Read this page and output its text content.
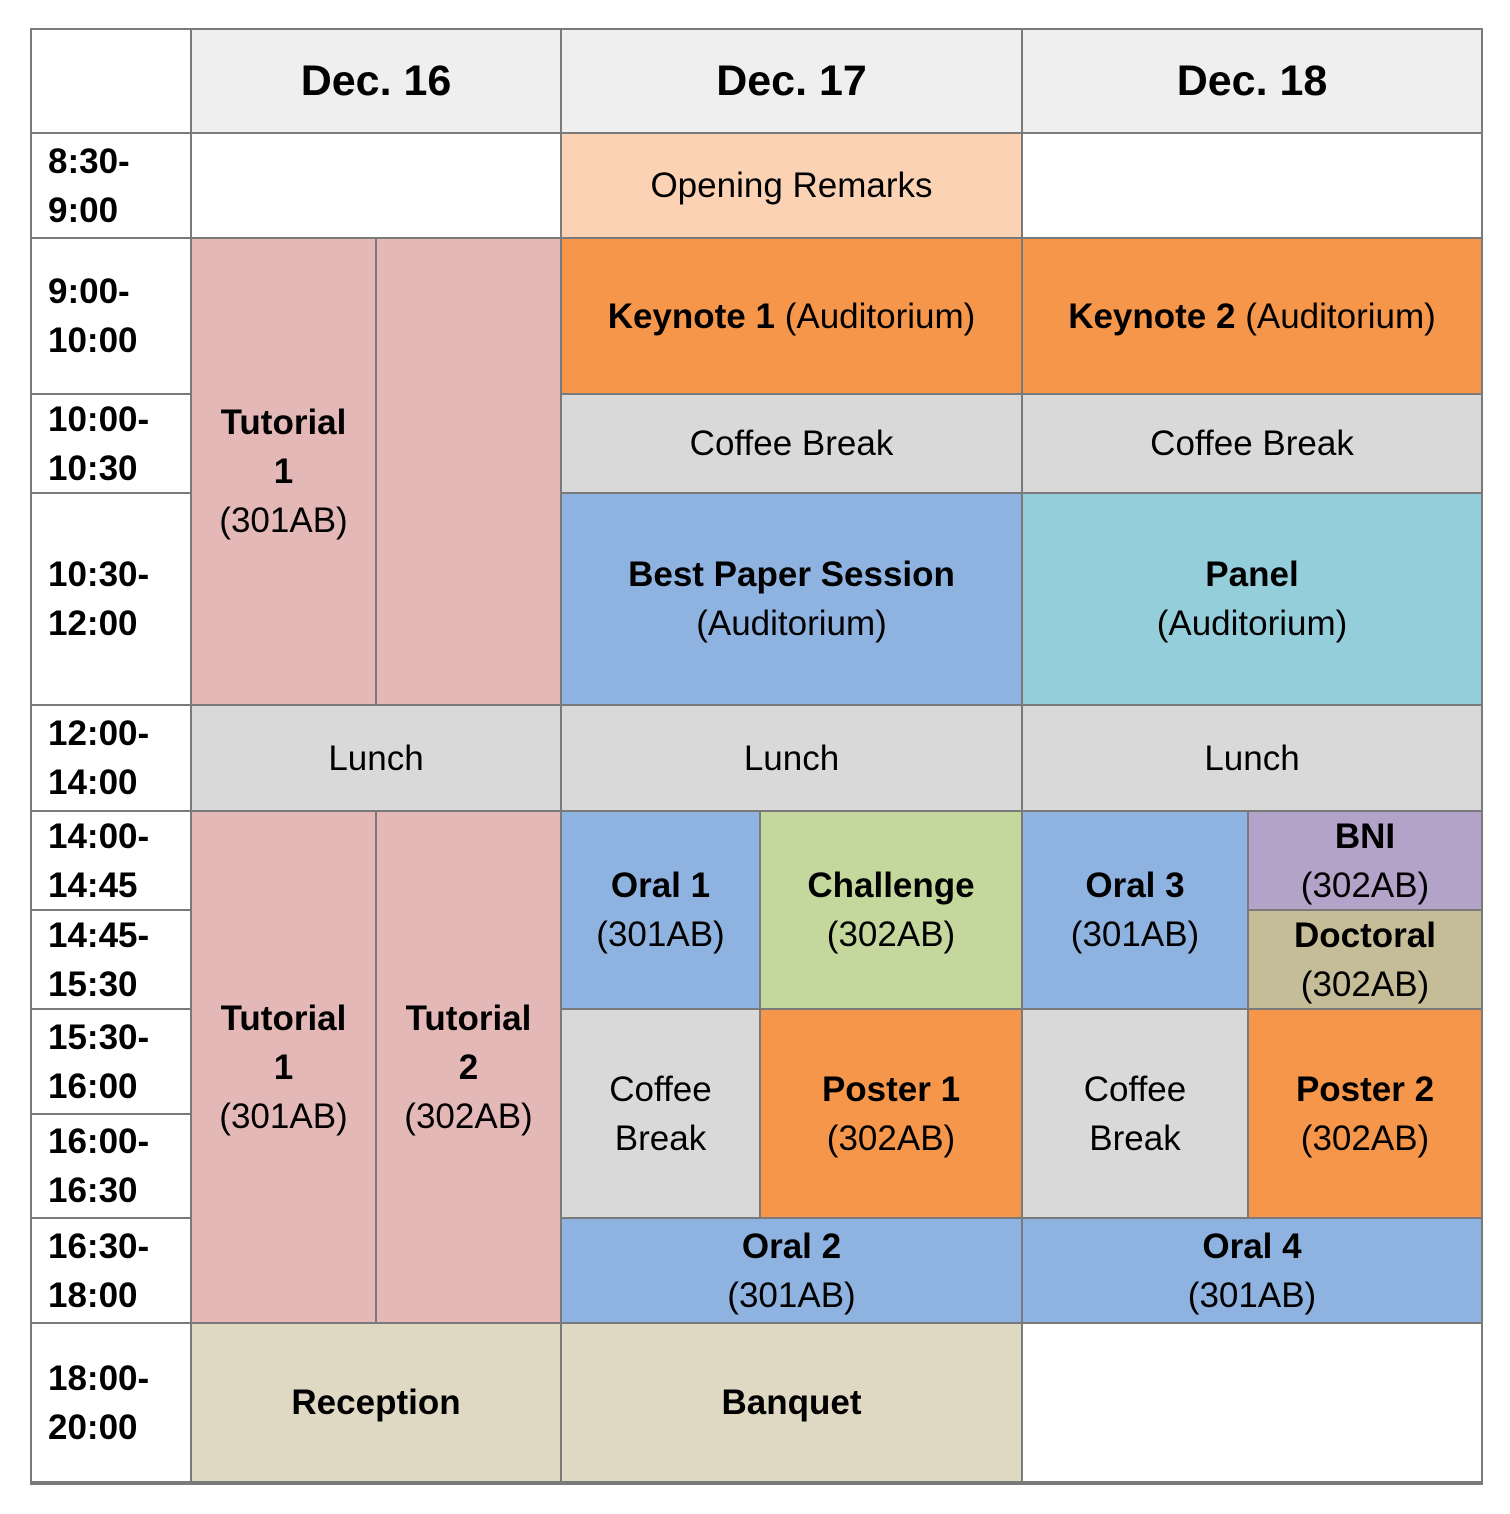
Dec. 16	Dec. 17	Dec. 18
8:30-
9:00
9:00-
10:00
10:00-
10:30
10:30-
12:00
12:00-
14:00
14:00-
14:45
14:45-
15:30
15:30-
16:00
16:00-
16:30
16:30-
18:00
18:00-
20:00
Tutorial
1
(301AB)
Lunch
Tutorial
1
(301AB)
Tutorial
2
(302AB)
Reception
Opening Remarks
Keynote 1 (Auditorium)
Coffee Break
Best Paper Session
(Auditorium)
Lunch
Oral 1
(301AB)
Challenge
(302AB)
Coffee
Break
Poster 1
(302AB)
Oral 2
(301AB)
Banquet
Keynote 2 (Auditorium)
Coffee Break
Panel
(Auditorium)
Lunch
Oral 3
(301AB)
BNI
(302AB)
Doctoral
(302AB)
Coffee
Break
Poster 2
(302AB)
Oral 4
(301AB)
